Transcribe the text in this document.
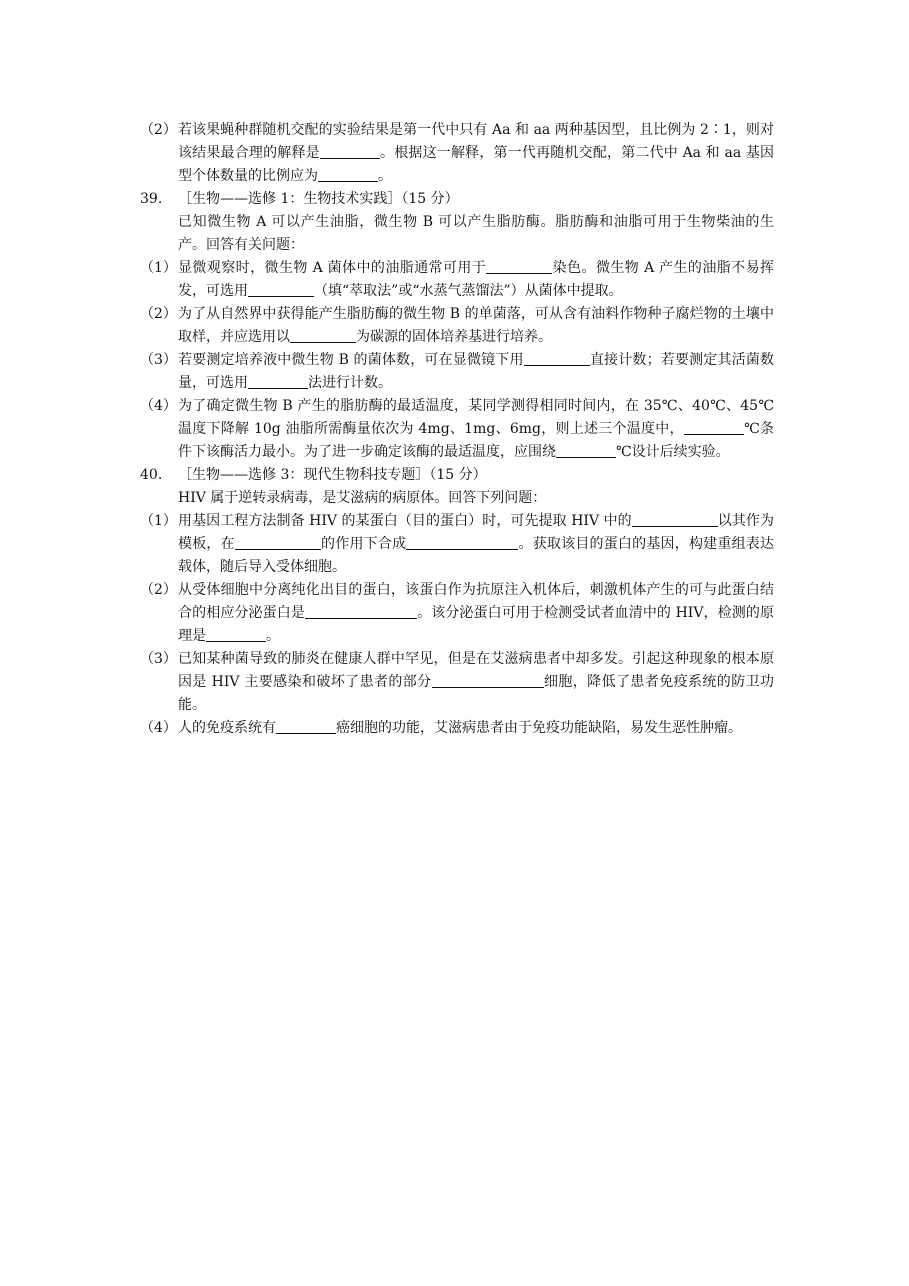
（2） 若该果蝇种群随机交配的实验结果是第一代中只有 Aa 和 aa 两种基因型，且比例为 2∶1，则对该结果最合理的解释是	。根据这一解释，第一代再随机交配，第二代中 Aa 和 aa 基因型个体数量的比例应为	。
39.	［生物——选修 1：生物技术实践］（15 分）
已知微生物 A 可以产生油脂，微生物 B 可以产生脂肪酶。脂肪酶和油脂可用于生物柴油的生产。回答有关问题：
（1） 显微观察时，微生物 A 菌体中的油脂通常可用于	染色。微生物 A 产生的油脂不易挥发，可选用	（填“萃取法”或“水蒸气蒸馏法”）从菌体中提取。
（2） 为了从自然界中获得能产生脂肪酶的微生物 B 的单菌落，可从含有油料作物种子腐烂物的土壤中取样，并应选用以	为碳源的固体培养基进行培养。
（3） 若要测定培养液中微生物 B 的菌体数，可在显微镜下用	直接计数；若要测定其活菌数量，可选用	法进行计数。
（4） 为了确定微生物 B 产生的脂肪酶的最适温度，某同学测得相同时间内，在 35℃、40℃、45℃温度下降解 10g 油脂所需酶量依次为 4mg、1mg、6mg，则上述三个温度中，	℃条件下该酶活力最小。为了进一步确定该酶的最适温度，应围绕	℃设计后续实验。
40.	［生物——选修 3：现代生物科技专题］（15 分）
HIV 属于逆转录病毒，是艾滋病的病原体。回答下列问题：
（1） 用基因工程方法制备 HIV 的某蛋白（目的蛋白）时，可先提取 HIV 中的	以其作为模板，在	的作用下合成	。获取该目的蛋白的基因，构建重组表达载体，随后导入受体细胞。
（2） 从受体细胞中分离纯化出目的蛋白，该蛋白作为抗原注入机体后，刺激机体产生的可与此蛋白结合的相应分泌蛋白是	。该分泌蛋白可用于检测受试者血清中的 HIV，检测的原理是	。
（3） 已知某种菌导致的肺炎在健康人群中罕见，但是在艾滋病患者中却多发。引起这种现象的根本原因是 HIV 主要感染和破坏了患者的部分	细胞，降低了患者免疫系统的防卫功能。
（4） 人的免疫系统有	癌细胞的功能，艾滋病患者由于免疫功能缺陷，易发生恶性肿瘤。
